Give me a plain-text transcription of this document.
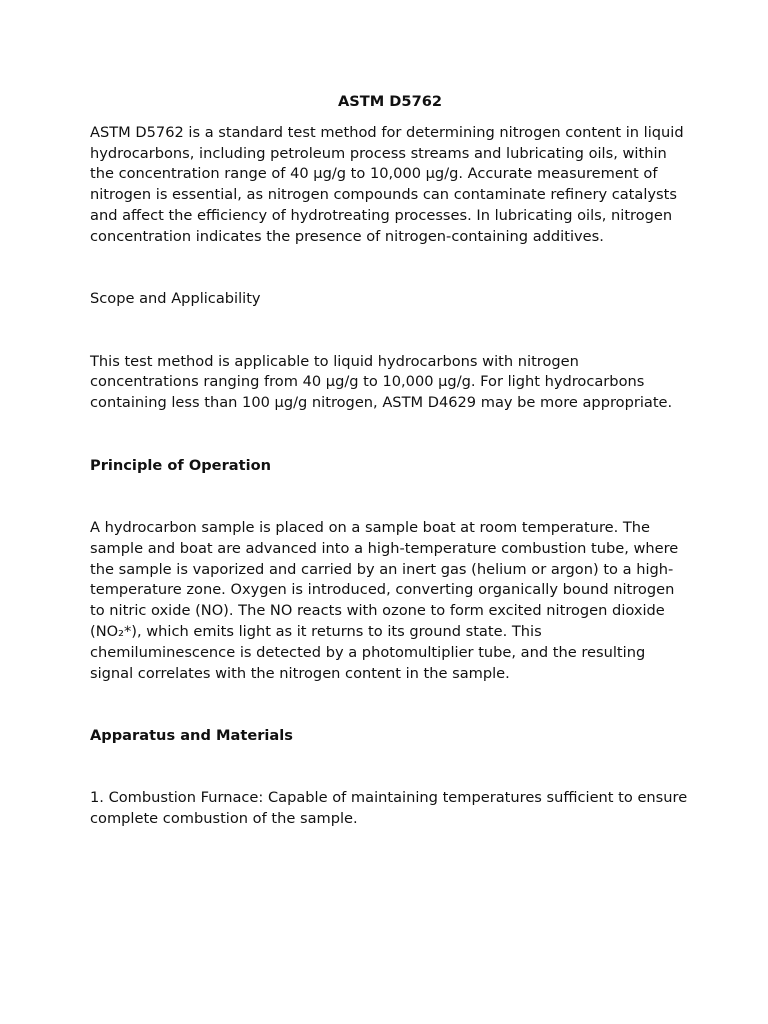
ASTM D5762

ASTM D5762 is a standard test method for determining nitrogen content in liquid hydrocarbons, including petroleum process streams and lubricating oils, within the concentration range of 40 µg/g to 10,000 µg/g. Accurate measurement of nitrogen is essential, as nitrogen compounds can contaminate refinery catalysts and affect the efficiency of hydrotreating processes. In lubricating oils, nitrogen concentration indicates the presence of nitrogen-containing additives.

Scope and Applicability

This test method is applicable to liquid hydrocarbons with nitrogen concentrations ranging from 40 µg/g to 10,000 µg/g. For light hydrocarbons containing less than 100 µg/g nitrogen, ASTM D4629 may be more appropriate.

Principle of Operation

A hydrocarbon sample is placed on a sample boat at room temperature. The sample and boat are advanced into a high-temperature combustion tube, where the sample is vaporized and carried by an inert gas (helium or argon) to a high-temperature zone. Oxygen is introduced, converting organically bound nitrogen to nitric oxide (NO). The NO reacts with ozone to form excited nitrogen dioxide (NO₂*), which emits light as it returns to its ground state. This chemiluminescence is detected by a photomultiplier tube, and the resulting signal correlates with the nitrogen content in the sample.

Apparatus and Materials

1. Combustion Furnace: Capable of maintaining temperatures sufficient to ensure complete combustion of the sample.
